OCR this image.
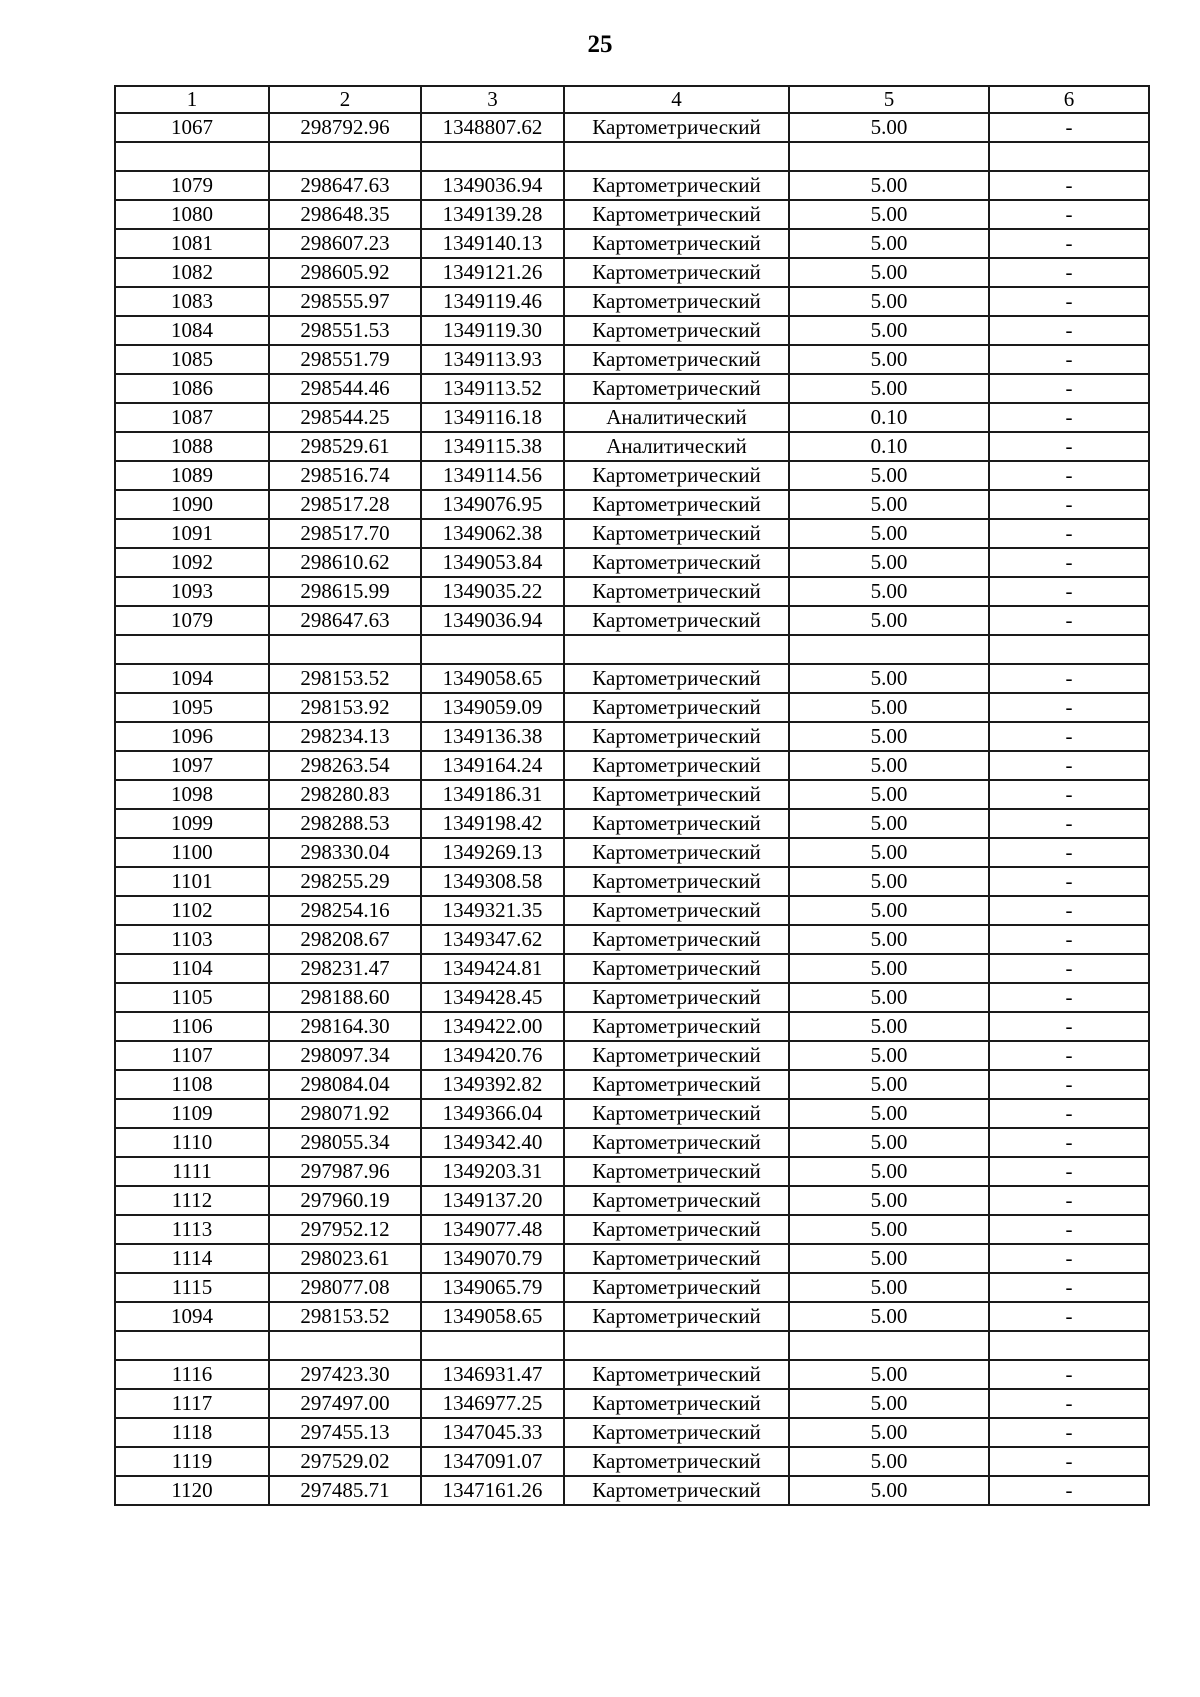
25
1	2	3	4	5	6
1067	298792.96	1348807.62	Картометрический	5.00	-

1079	298647.63	1349036.94	Картометрический	5.00	-
1080	298648.35	1349139.28	Картометрический	5.00	-
1081	298607.23	1349140.13	Картометрический	5.00	-
1082	298605.92	1349121.26	Картометрический	5.00	-
1083	298555.97	1349119.46	Картометрический	5.00	-
1084	298551.53	1349119.30	Картометрический	5.00	-
1085	298551.79	1349113.93	Картометрический	5.00	-
1086	298544.46	1349113.52	Картометрический	5.00	-
1087	298544.25	1349116.18	Аналитический	0.10	-
1088	298529.61	1349115.38	Аналитический	0.10	-
1089	298516.74	1349114.56	Картометрический	5.00	-
1090	298517.28	1349076.95	Картометрический	5.00	-
1091	298517.70	1349062.38	Картометрический	5.00	-
1092	298610.62	1349053.84	Картометрический	5.00	-
1093	298615.99	1349035.22	Картометрический	5.00	-
1079	298647.63	1349036.94	Картометрический	5.00	-

1094	298153.52	1349058.65	Картометрический	5.00	-
1095	298153.92	1349059.09	Картометрический	5.00	-
1096	298234.13	1349136.38	Картометрический	5.00	-
1097	298263.54	1349164.24	Картометрический	5.00	-
1098	298280.83	1349186.31	Картометрический	5.00	-
1099	298288.53	1349198.42	Картометрический	5.00	-
1100	298330.04	1349269.13	Картометрический	5.00	-
1101	298255.29	1349308.58	Картометрический	5.00	-
1102	298254.16	1349321.35	Картометрический	5.00	-
1103	298208.67	1349347.62	Картометрический	5.00	-
1104	298231.47	1349424.81	Картометрический	5.00	-
1105	298188.60	1349428.45	Картометрический	5.00	-
1106	298164.30	1349422.00	Картометрический	5.00	-
1107	298097.34	1349420.76	Картометрический	5.00	-
1108	298084.04	1349392.82	Картометрический	5.00	-
1109	298071.92	1349366.04	Картометрический	5.00	-
1110	298055.34	1349342.40	Картометрический	5.00	-
1111	297987.96	1349203.31	Картометрический	5.00	-
1112	297960.19	1349137.20	Картометрический	5.00	-
1113	297952.12	1349077.48	Картометрический	5.00	-
1114	298023.61	1349070.79	Картометрический	5.00	-
1115	298077.08	1349065.79	Картометрический	5.00	-
1094	298153.52	1349058.65	Картометрический	5.00	-

1116	297423.30	1346931.47	Картометрический	5.00	-
1117	297497.00	1346977.25	Картометрический	5.00	-
1118	297455.13	1347045.33	Картометрический	5.00	-
1119	297529.02	1347091.07	Картометрический	5.00	-
1120	297485.71	1347161.26	Картометрический	5.00	-
